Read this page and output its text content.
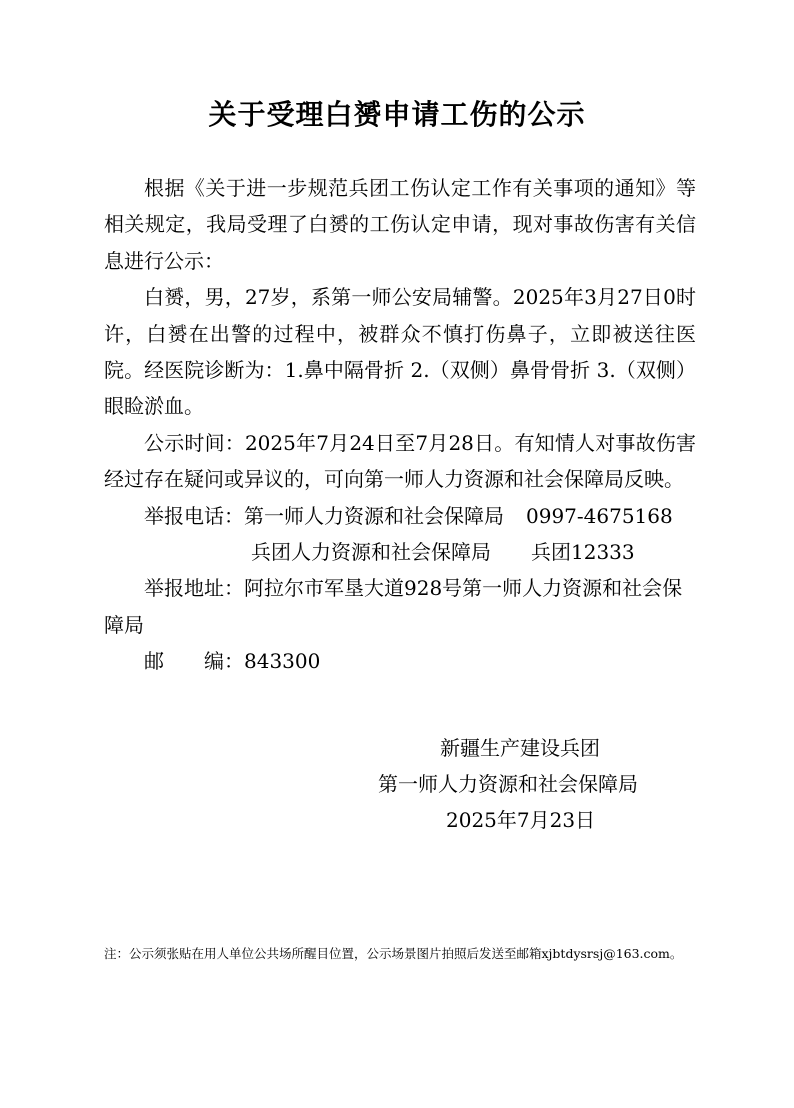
关于受理白赟申请工伤的公示

根据《关于进一步规范兵团工伤认定工作有关事项的通知》等相关规定，我局受理了白赟的工伤认定申请，现对事故伤害有关信息进行公示：

白赟，男，27岁，系第一师公安局辅警。2025年3月27日0时许，白赟在出警的过程中，被群众不慎打伤鼻子，立即被送往医院。经医院诊断为：1.鼻中隔骨折 2.（双侧）鼻骨骨折 3.（双侧）眼睑淤血。

公示时间：2025年7月24日至7月28日。有知情人对事故伤害经过存在疑问或异议的，可向第一师人力资源和社会保障局反映。

举报电话：第一师人力资源和社会保障局 0997-4675168

兵团人力资源和社会保障局 兵团12333

举报地址：阿拉尔市军垦大道928号第一师人力资源和社会保障局

邮 编：843300

新疆生产建设兵团
第一师人力资源和社会保障局
2025年7月23日
注：公示须张贴在用人单位公共场所醒目位置，公示场景图片拍照后发送至邮箱xjbtdysrsj@163.com。
